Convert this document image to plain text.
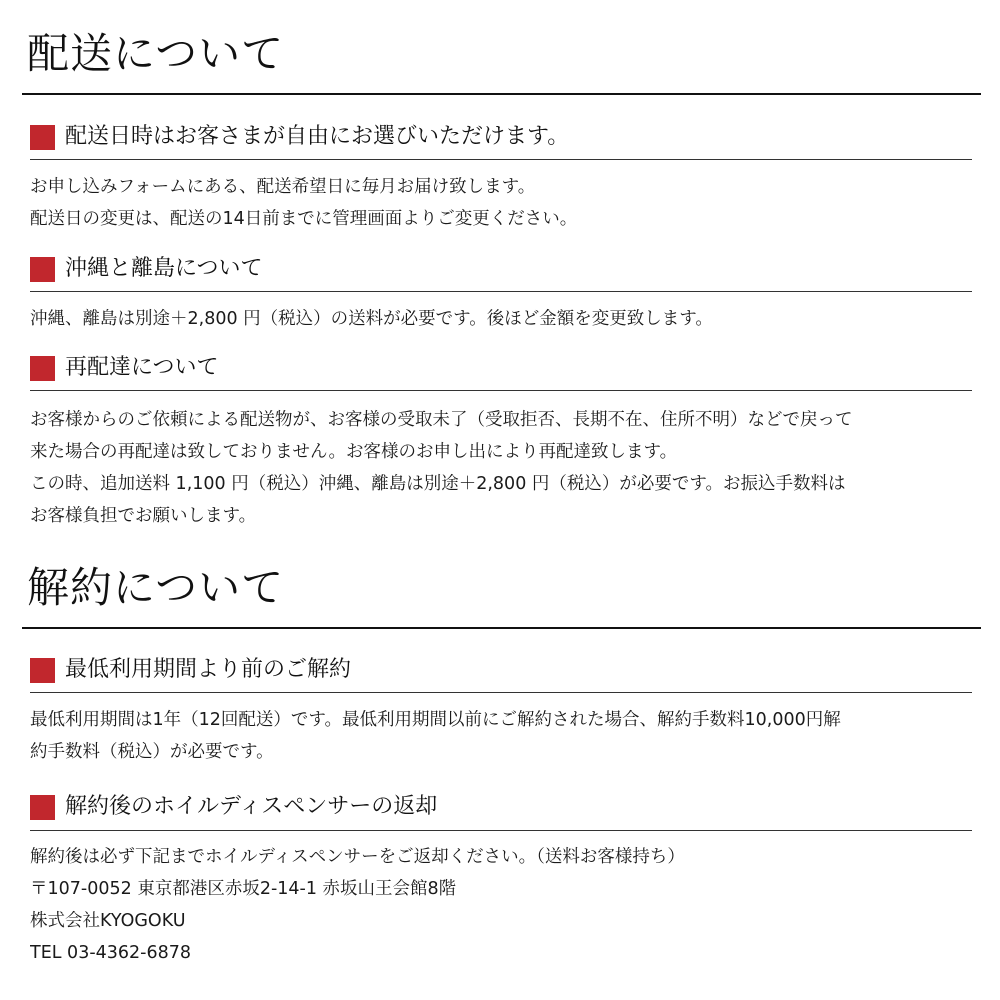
配送について
配送日時はお客さまが自由にお選びいただけます。
お申し込みフォームにある、配送希望日に毎月お届け致します。
配送日の変更は、配送の14日前までに管理画面よりご変更ください。
沖縄と離島について
沖縄、離島は別途＋2,800 円（税込）の送料が必要です。後ほど金額を変更致します。
再配達について
お客様からのご依頼による配送物が、お客様の受取未了（受取拒否、長期不在、住所不明）などで戻って
来た場合の再配達は致しておりません。お客様のお申し出により再配達致します。
この時、追加送料 1,100 円（税込）沖縄、離島は別途＋2,800 円（税込）が必要です。お振込手数料は
お客様負担でお願いします。
解約について
最低利用期間より前のご解約
最低利用期間は1年（12回配送）です。最低利用期間以前にご解約された場合、解約手数料10,000円解
約手数料（税込）が必要です。
解約後のホイルディスペンサーの返却
解約後は必ず下記までホイルディスペンサーをご返却ください。（送料お客様持ち）
〒107-0052 東京都港区赤坂2-14-1 赤坂山王会館8階
株式会社KYOGOKU
TEL 03-4362-6878
